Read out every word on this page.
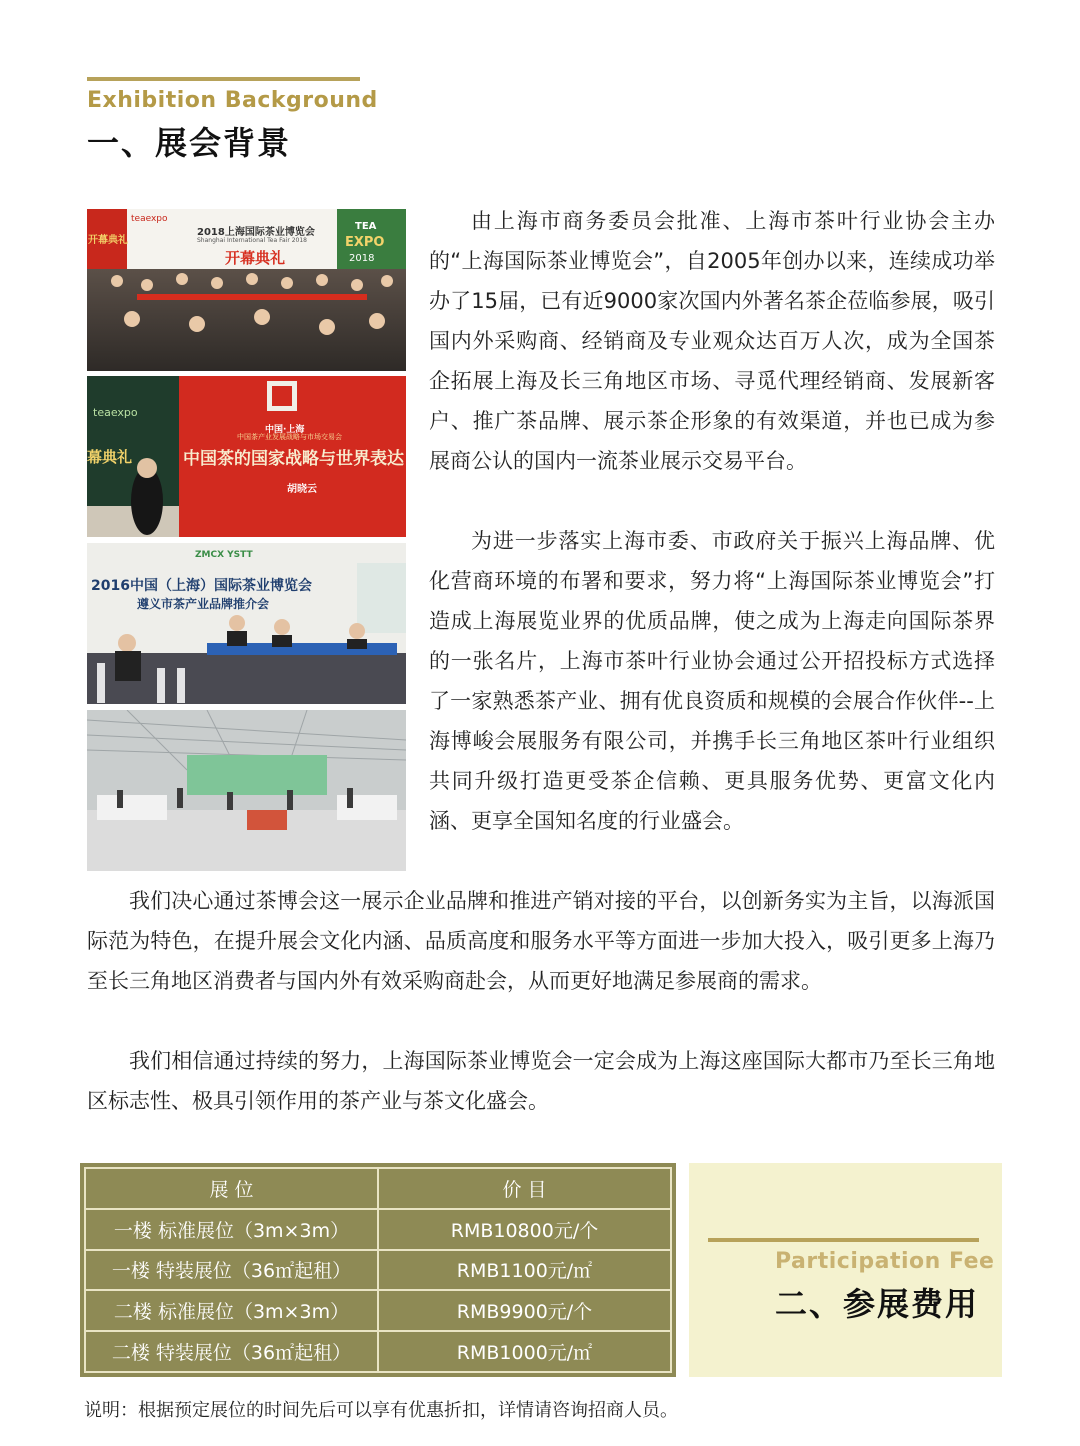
Exhibition Background
一、展会背景
teaexpo
2018上海国际茶业博览会
Shanghai International Tea Fair 2018
开幕典礼
开幕典礼
TEA
EXPO
2018
teaexpo
幕典礼
中国·上海
中国茶产业发展战略与市场交易会
中国茶的国家战略与世界表达
胡晓云
ZMCX YSTT
2016中国（上海）国际茶业博览会
遵义市茶产业品牌推介会
由上海市商务委员会批准、上海市茶叶行业协会主办的“上海国际茶业博览会”，自2005年创办以来，连续成功举办了15届，已有近9000家次国内外著名茶企莅临参展，吸引国内外采购商、经销商及专业观众达百万人次，成为全国茶企拓展上海及长三角地区市场、寻觅代理经销商、发展新客户、推广茶品牌、展示茶企形象的有效渠道，并也已成为参展商公认的国内一流茶业展示交易平台。
为进一步落实上海市委、市政府关于振兴上海品牌、优化营商环境的布署和要求，努力将“上海国际茶业博览会”打造成上海展览业界的优质品牌，使之成为上海走向国际茶界的一张名片，上海市茶叶行业协会通过公开招投标方式选择了一家熟悉茶产业、拥有优良资质和规模的会展合作伙伴--上海博峻会展服务有限公司，并携手长三角地区茶叶行业组织共同升级打造更受茶企信赖、更具服务优势、更富文化内涵、更享全国知名度的行业盛会。
我们决心通过茶博会这一展示企业品牌和推进产销对接的平台，以创新务实为主旨，以海派国际范为特色，在提升展会文化内涵、品质高度和服务水平等方面进一步加大投入，吸引更多上海乃至长三角地区消费者与国内外有效采购商赴会，从而更好地满足参展商的需求。
我们相信通过持续的努力，上海国际茶业博览会一定会成为上海这座国际大都市乃至长三角地区标志性、极具引领作用的茶产业与茶文化盛会。
展 位	价 目
一楼 标准展位（3m×3m）	RMB10800元/个
一楼 特装展位（36㎡起租）	RMB1100元/㎡
二楼 标准展位（3m×3m）	RMB9900元/个
二楼 特装展位（36㎡起租）	RMB1000元/㎡
Participation Fee
二、参展费用
说明：根据预定展位的时间先后可以享有优惠折扣，详情请咨询招商人员。
